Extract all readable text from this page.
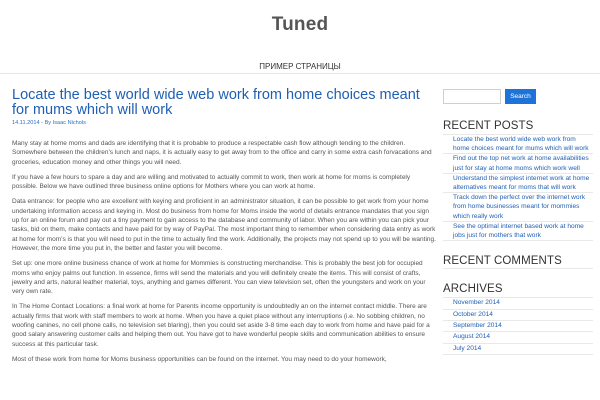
Tuned
ПРИМЕР СТРАНИЦЫ
Locate the best world wide web work from home choices meant for mums which will work
14.11.2014 - By Isaac Nichols

Many stay at home moms and dads are identifying that it is probable to produce a respectable cash flow although tending to the children. Somewhere between the children’s lunch and naps, it is actually easy to get away from to the office and carry in some extra cash forvacations and groceries, education money and other things you will need.

If you have a few hours to spare a day and are willing and motivated to actually commit to work, then work at home for moms is completely possible. Below we have outlined three business online options for Mothers where you can work at home.

Data entrance: for people who are excellent with keying and proficient in an administrator situation, it can be possible to get work from your home undertaking information access and keying in. Most do business from home for Moms inside the world of details entrance mandates that you sign up for an online forum and pay out a tiny payment to gain access to the database and community of labor. When you are within you can pick your tasks, bid on them, make contacts and have paid for by way of PayPal. The most important thing to remember when considering data entry as work at home for mom’s is that you will need to put in the time to actually find the work. Additionally, the projects may not spend up to you will be wanting. However, the more time you put in, the better and faster you will become.

Set up: one more online business chance of work at home for Mommies is constructing merchandise. This is probably the best job for occupied moms who enjoy palms out function. In essence, firms will send the materials and you will definitely create the items. This will consist of crafts, jewelry and arts, natural leather material, toys, anything and games different. You can view television set, often the youngsters and work on your very own rate.

In The Home Contact Locations: a final work at home for Parents income opportunity is undoubtedly an on the internet contact middle. There are actually firms that work with staff members to work at home. When you have a quiet place without any interruptions (i.e. No sobbing children, no woofing canines, no cell phone calls, no television set blaring), then you could set aside 3-8 time each day to work from home and have paid for a good salary answering customer calls and helping them out. You have got to have wonderful people skills and communication abilities to ensure success at this particular task.

Most of these work from home for Moms business opportunities can be found on the internet. You may need to do your homework,

Search
RECENT POSTS
Locate the best world wide web work from home choices meant for mums which will work
Find out the top net work at home availabilities just for stay at home moms which work well
Understand the simplest internet work at home alternatives meant for moms that will work
Track down the perfect over the internet work from home businesses meant for mommies which really work
See the optimal internet based work at home jobs just for mothers that work
RECENT COMMENTS
ARCHIVES
November 2014
October 2014
September 2014
August 2014
July 2014
